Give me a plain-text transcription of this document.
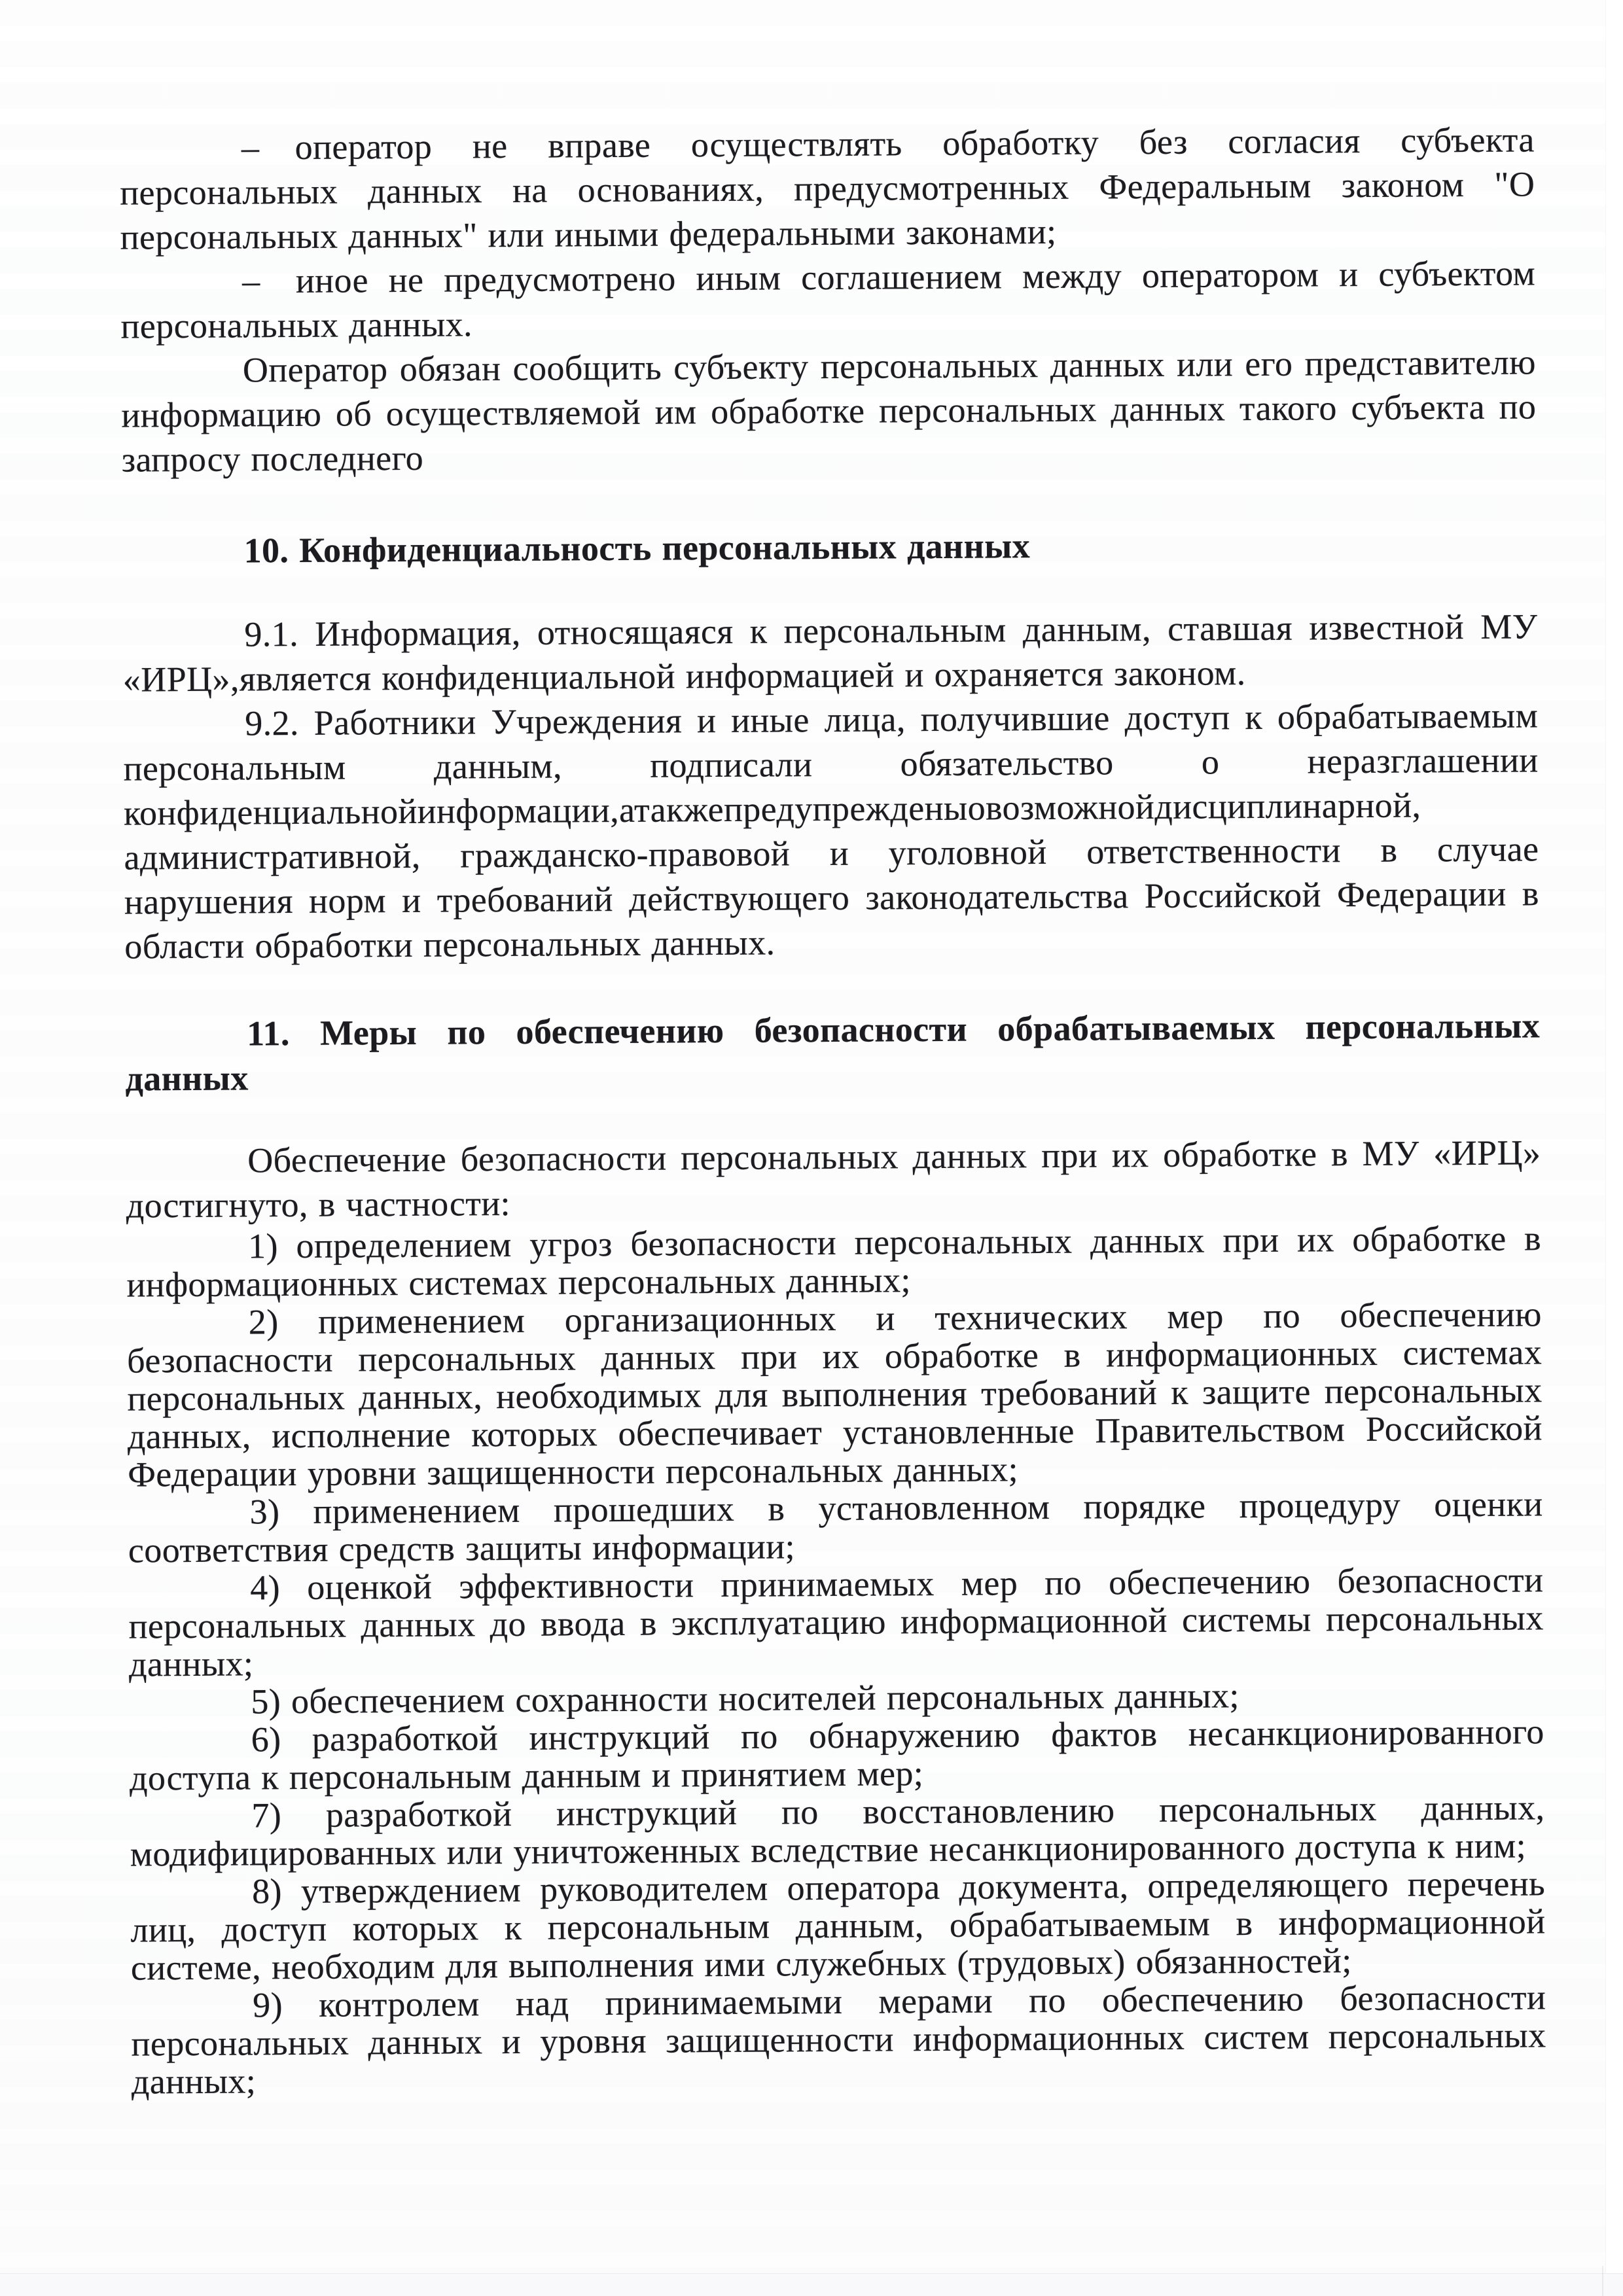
– оператор не вправе осуществлять обработку без согласия субъекта персональных данных на основаниях, предусмотренных Федеральным законом "О персональных данных" или иными федеральными законами;

– иное не предусмотрено иным соглашением между оператором и субъектом персональных данных.

Оператор обязан сообщить субъекту персональных данных или его представителю информацию об осуществляемой им обработке персональных данных такого субъекта по запросу последнего

10. Конфиденциальность персональных данных

9.1. Информация, относящаяся к персональным данным, ставшая известной МУ «ИРЦ»,является конфиденциальной информацией и охраняется законом.

9.2. Работники Учреждения и иные лица, получившие доступ к обрабатываемым персональным данным, подписали обязательство о неразглашении конфиденциальнойинформации,атакжепредупрежденыовозможнойдисциплинарной, административной, гражданско-правовой и уголовной ответственности в случае нарушения норм и требований действующего законодательства Российской Федерации в области обработки персональных данных.

11. Меры по обеспечению безопасности обрабатываемых персональных данных

Обеспечение безопасности персональных данных при их обработке в МУ «ИРЦ» достигнуто, в частности:

1) определением угроз безопасности персональных данных при их обработке в информационных системах персональных данных;

2) применением организационных и технических мер по обеспечению безопасности персональных данных при их обработке в информационных системах персональных данных, необходимых для выполнения требований к защите персональных данных, исполнение которых обеспечивает установленные Правительством Российской Федерации уровни защищенности персональных данных;

3) применением прошедших в установленном порядке процедуру оценки соответствия средств защиты информации;

4) оценкой эффективности принимаемых мер по обеспечению безопасности персональных данных до ввода в эксплуатацию информационной системы персональных данных;

5) обеспечением сохранности носителей персональных данных;

6) разработкой инструкций по обнаружению фактов несанкционированного доступа к персональным данным и принятием мер;

7) разработкой инструкций по восстановлению персональных данных, модифицированных или уничтоженных вследствие несанкционированного доступа к ним;

8) утверждением руководителем оператора документа, определяющего перечень лиц, доступ которых к персональным данным, обрабатываемым в информационной системе, необходим для выполнения ими служебных (трудовых) обязанностей;

9) контролем над принимаемыми мерами по обеспечению безопасности персональных данных и уровня защищенности информационных систем персональных данных;
